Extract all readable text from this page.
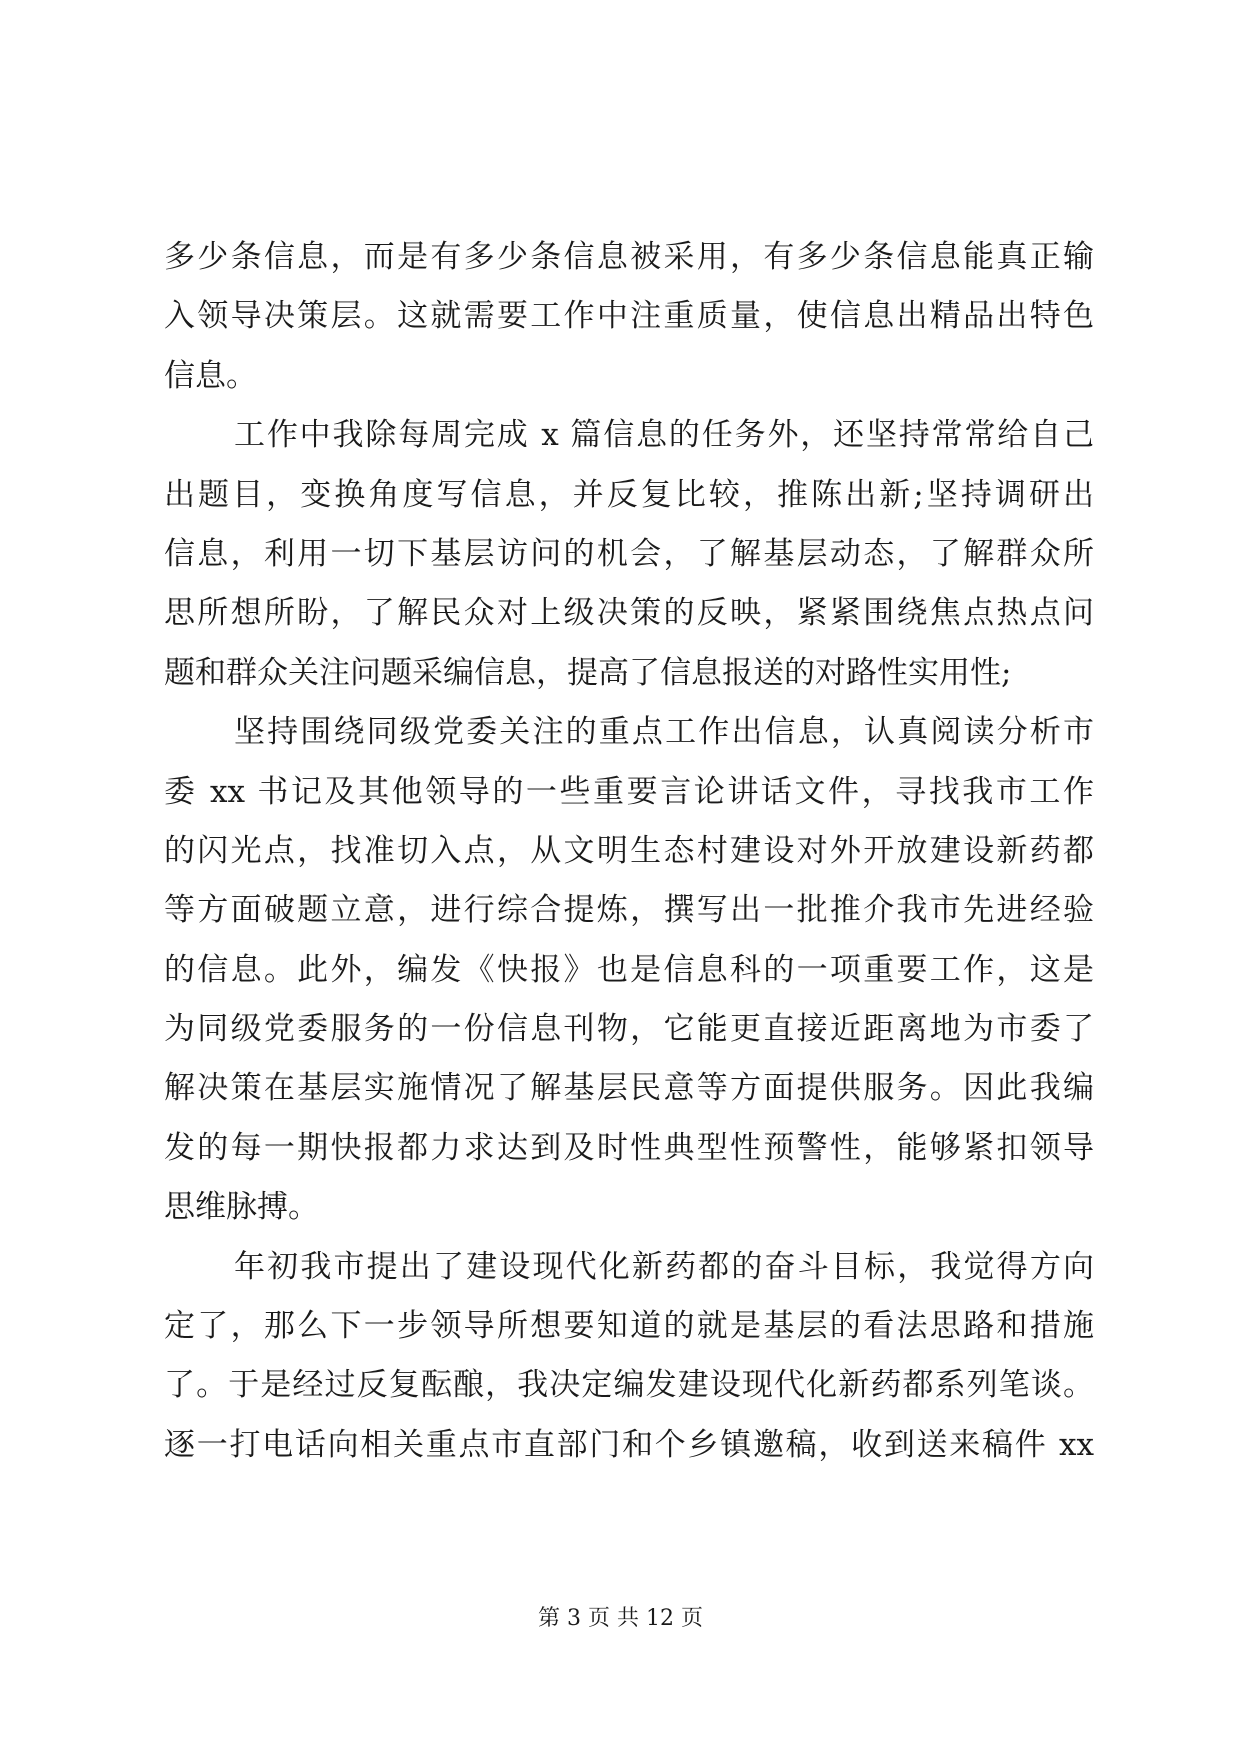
多少条信息，而是有多少条信息被采用，有多少条信息能真正输
入领导决策层。这就需要工作中注重质量，使信息出精品出特色
信息。
工作中我除每周完成 x 篇信息的任务外，还坚持常常给自己
出题目，变换角度写信息，并反复比较，推陈出新;坚持调研出
信息，利用一切下基层访问的机会，了解基层动态，了解群众所
思所想所盼，了解民众对上级决策的反映，紧紧围绕焦点热点问
题和群众关注问题采编信息，提高了信息报送的对路性实用性;
坚持围绕同级党委关注的重点工作出信息，认真阅读分析市
委 xx 书记及其他领导的一些重要言论讲话文件，寻找我市工作
的闪光点，找准切入点，从文明生态村建设对外开放建设新药都
等方面破题立意，进行综合提炼，撰写出一批推介我市先进经验
的信息。此外，编发《快报》也是信息科的一项重要工作，这是
为同级党委服务的一份信息刊物，它能更直接近距离地为市委了
解决策在基层实施情况了解基层民意等方面提供服务。因此我编
发的每一期快报都力求达到及时性典型性预警性，能够紧扣领导
思维脉搏。
年初我市提出了建设现代化新药都的奋斗目标，我觉得方向
定了，那么下一步领导所想要知道的就是基层的看法思路和措施
了。于是经过反复酝酿，我决定编发建设现代化新药都系列笔谈。
逐一打电话向相关重点市直部门和个乡镇邀稿，收到送来稿件 xx
第 3 页 共 12 页
